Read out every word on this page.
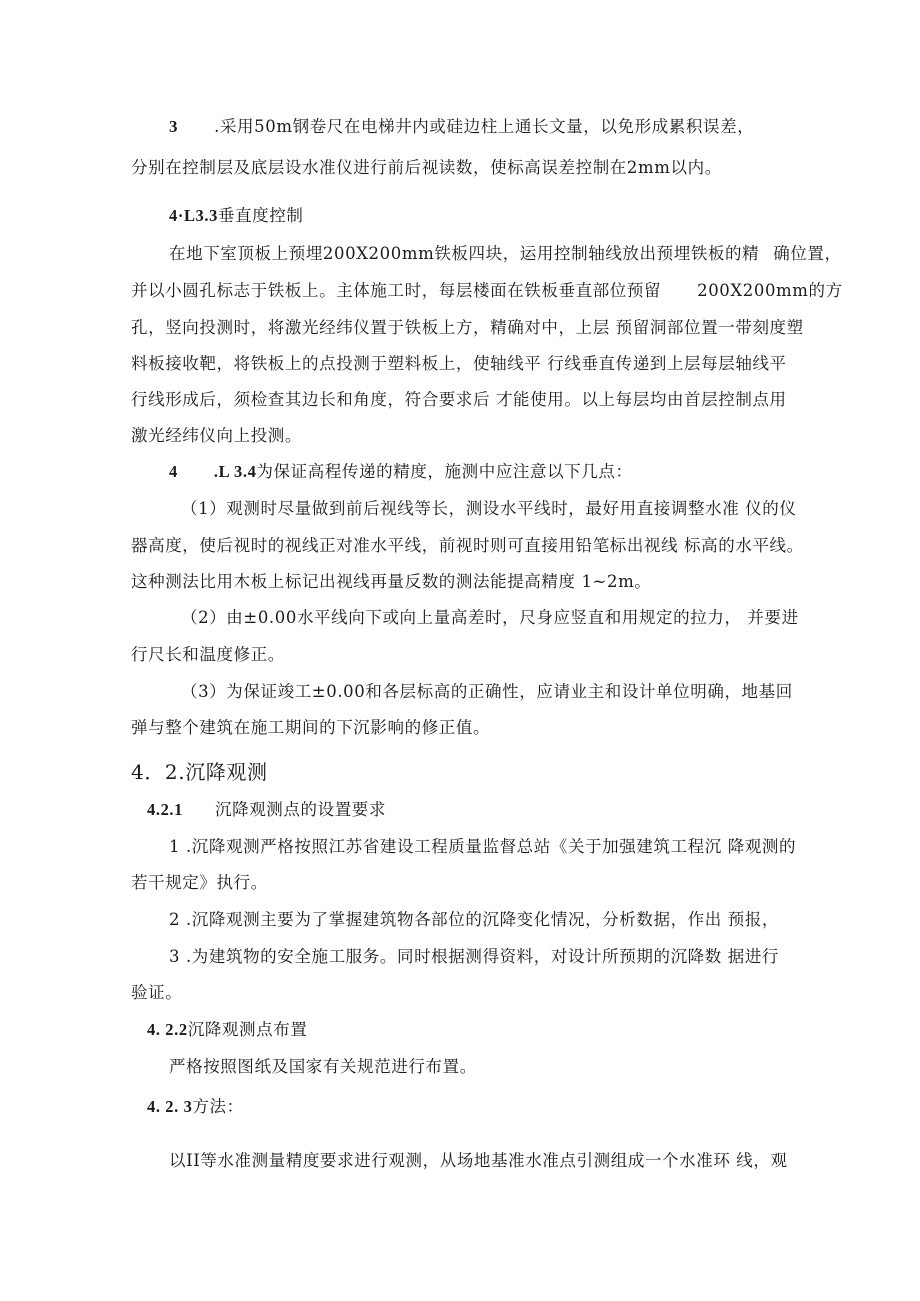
3 .采用50m钢卷尺在电梯井内或硅边柱上通长文量，以免形成累积误差，
分别在控制层及底层设水准仪进行前后视读数，使标高误差控制在2mm以内。
4·L3.3垂直度控制
在地下室顶板上预埋200X200mm铁板四块，运用控制轴线放出预埋铁板的精 确位置，
并以小圆孔标志于铁板上。主体施工时，每层楼面在铁板垂直部位预留 200X200mm的方
孔，竖向投测时，将激光经纬仪置于铁板上方，精确对中，上层 预留洞部位置一带刻度塑
料板接收靶，将铁板上的点投测于塑料板上，使轴线平 行线垂直传递到上层每层轴线平
行线形成后，须检查其边长和角度，符合要求后 才能使用。以上每层均由首层控制点用
激光经纬仪向上投测。
4 .L 3.4为保证高程传递的精度，施测中应注意以下几点：
（1）观测时尽量做到前后视线等长，测设水平线时，最好用直接调整水准 仪的仪
器高度，使后视时的视线正对准水平线，前视时则可直接用铅笔标出视线 标高的水平线。
这种测法比用木板上标记出视线再量反数的测法能提高精度 1~2m。
（2）由±0.00水平线向下或向上量高差时，尺身应竖直和用规定的拉力， 并要进
行尺长和温度修正。
（3）为保证竣工±0.00和各层标高的正确性，应请业主和设计单位明确，地基回
弹与整个建筑在施工期间的下沉影响的修正值。
4．2.沉降观测
4.2.1 沉降观测点的设置要求
1 .沉降观测严格按照江苏省建设工程质量监督总站《关于加强建筑工程沉 降观测的
若干规定》执行。
2 .沉降观测主要为了掌握建筑物各部位的沉降变化情况，分析数据，作出 预报，
3 .为建筑物的安全施工服务。同时根据测得资料，对设计所预期的沉降数 据进行
验证。
4. 2.2沉降观测点布置
严格按照图纸及国家有关规范进行布置。
4. 2. 3方法：
以II等水准测量精度要求进行观测，从场地基准水准点引测组成一个水准环 线，观
